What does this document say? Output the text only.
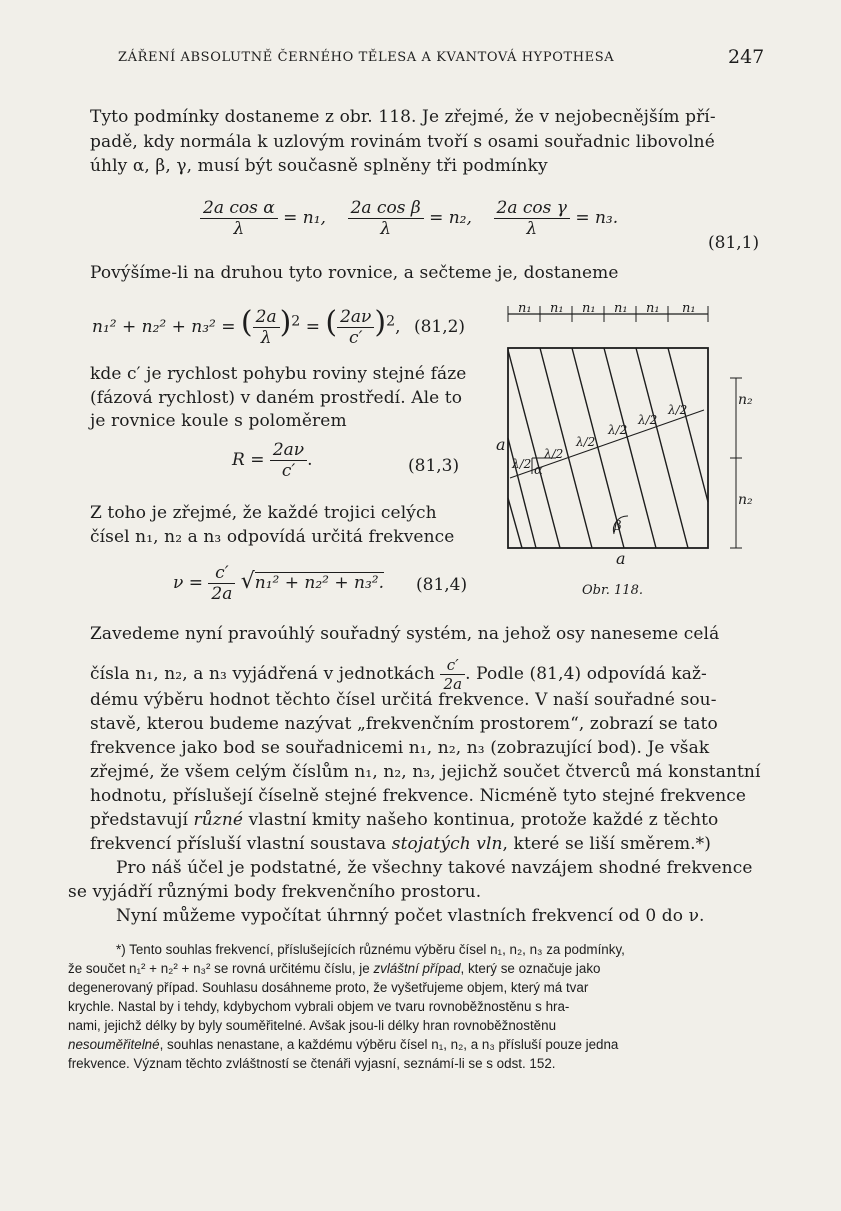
ZÁŘENÍ ABSOLUTNĚ ČERNÉHO TĚLESA A KVANTOVÁ HYPOTHESA	247
Tyto podmínky dostaneme z obr. 118. Je zřejmé, že v nejobecnějším pří-
padě, kdy normála k uzlovým rovinám tvoří s osami souřadnic libovolné
úhly α, β, γ, musí být současně splněny tři podmínky
$\frac{\text{2a cos α}}{\lambda} = n_1$, $\frac{\text{2a cos β}}{\lambda} = n_2$, $\frac{\text{2a cos γ}}{\lambda} = n_3$.
(81,1)
Povýšíme-li na druhou tyto rovnice, a sečteme je, dostaneme
n₁² + n₂² + n₃² = ( $\frac{2a}{\lambda} )^2$ = ( $\frac{2a\nu}{c'} )^2$, (81,2)
kde c′ je rychlost pohybu roviny stejné fáze
(fázová rychlost) v daném prostředí. Ale to
je rovnice koule s poloměrem
$R = \frac{2a\nu}{c'}$ .	(81,3)
Z toho je zřejmé, že každé trojici celých
čísel n₁, n₂ a n₃ odpovídá určitá frekvence
$\nu = \frac{c'}{2a} √n_1^2 + n_2^2 + n_3^2$. (81,4)
n₁ n₁ n₁ n₁ n₁ n₁
α
β
λ/2
λ/2
λ/2
λ/2
λ/2
λ/2
a
n₂
n₂
a
Obr. 118.
Zavedeme nyní pravoúhlý souřadný systém, na jehož osy naneseme celá
čísla n₁, n₂, a n₃ vyjádřená v jednotkách $\frac{c'}{2a}$ . Podle (81,4) odpovídá kaž-
dému výběru hodnot těchto čísel určitá frekvence. V naší souřadné sou-
stavě, kterou budeme nazývat „frekvenčním prostorem“, zobrazí se tato
frekvence jako bod se souřadnicemi n₁, n₂, n₃ (zobrazující bod). Je však
zřejmé, že všem celým číslům n₁, n₂, n₃, jejichž součet čtverců má konstantní
hodnotu, příslušejí číselně stejné frekvence. Nicméně tyto stejné frekvence
představují různé vlastní kmity našeho kontinua, protože každé z těchto
frekvencí přísluší vlastní soustava stojatých vln, které se liší směrem.*)
Pro náš účel je podstatné, že všechny takové navzájem shodné frekvence
se vyjádří různými body frekvenčního prostoru.
Nyní můžeme vypočítat úhrnný počet vlastních frekvencí od 0 do ν.
*) Tento souhlas frekvencí, příslušejících různému výběru čísel n₁, n₂, n₃ za podmínky,
že součet n₁² + n₂² + n₃² se rovná určitému číslu, je zvláštní případ, který se označuje jako
degenerovaný případ. Souhlasu dosáhneme proto, že vyšetřujeme objem, který má tvar
krychle. Nastal by i tehdy, kdybychom vybrali objem ve tvaru rovnoběžnostěnu s hra-
nami, jejichž délky by byly souměřitelné. Avšak jsou-li délky hran rovnoběžnostěnu
nesouměřitelné, souhlas nenastane, a každému výběru čísel n₁, n₂, a n₃ přísluší pouze jedna
frekvence. Význam těchto zvláštností se čtenáři vyjasní, seznámí-li se s odst. 152.
